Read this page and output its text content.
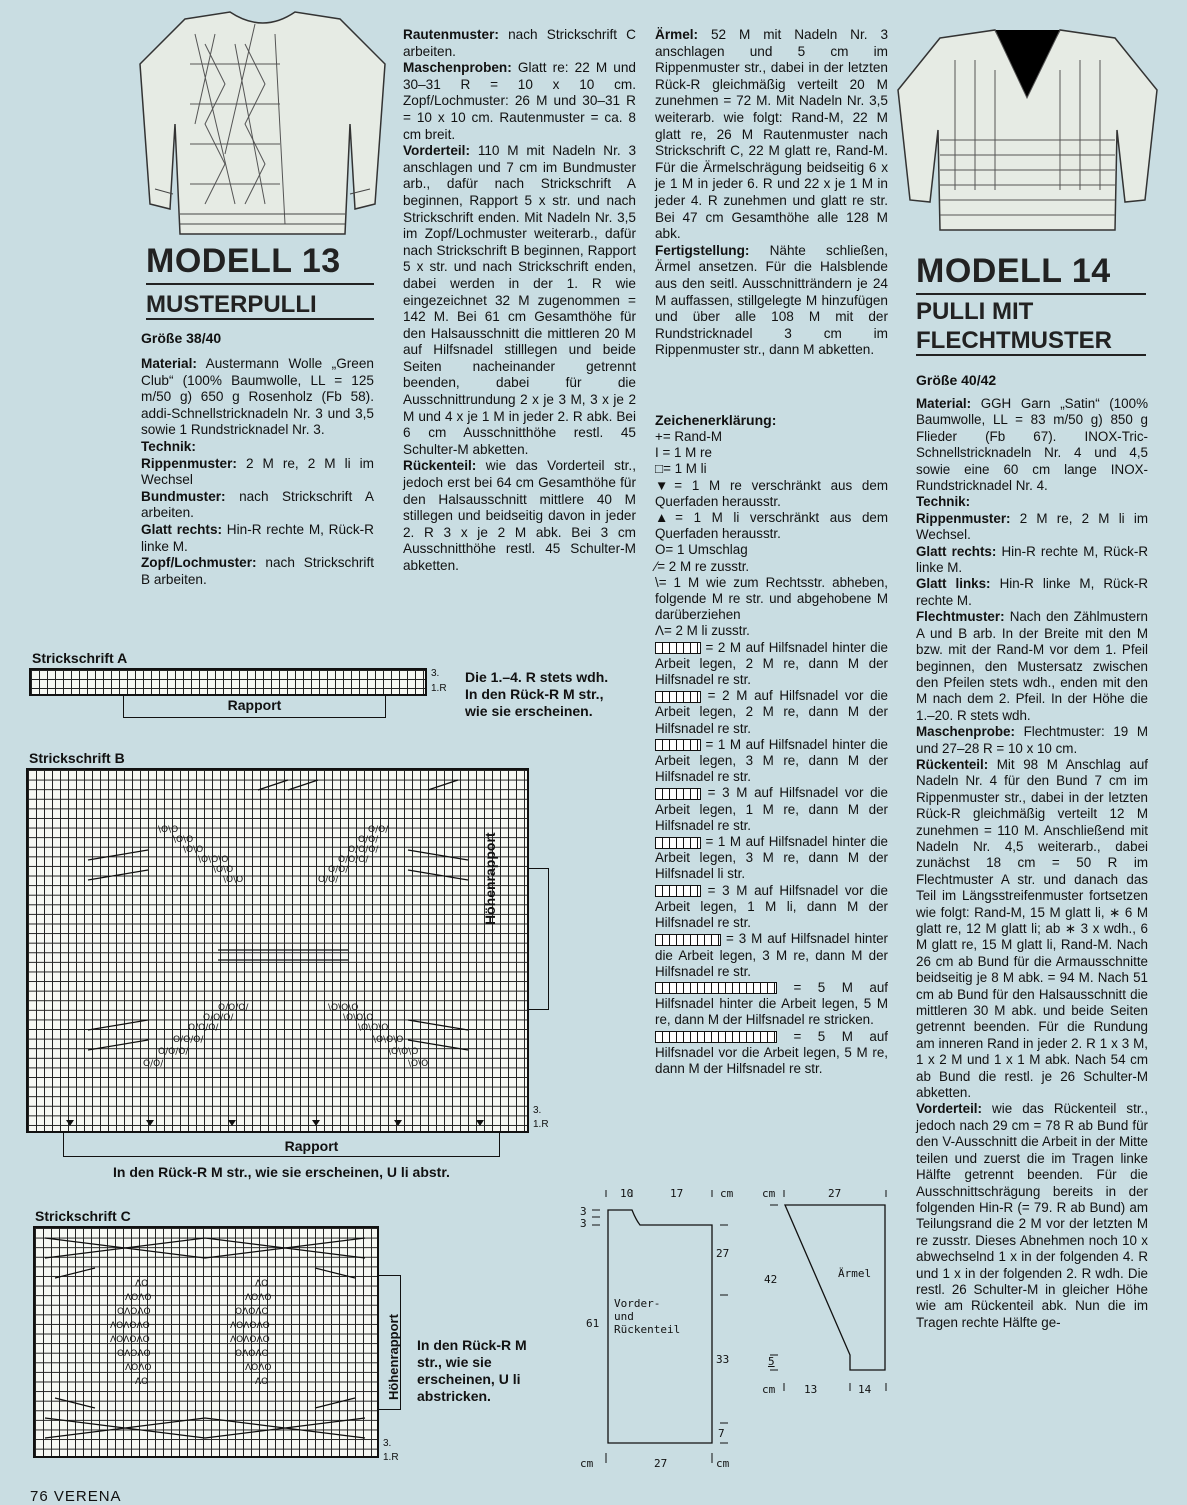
MODELL 13
MUSTERPULLI
Größe 38/40

Material: Austermann Wolle „Green Club“ (100% Baumwolle, LL = 125 m/50 g) 650 g Rosenholz (Fb 58). addi-Schnellstricknadeln Nr. 3 und 3,5 sowie 1 Rundstricknadel Nr. 3.

Technik:

Rippenmuster: 2 M re, 2 M li im Wechsel

Bundmuster: nach Strickschrift A arbeiten.

Glatt rechts: Hin-R rechte M, Rück-R linke M.

Zopf/Lochmuster: nach Strickschrift B arbeiten.

Rautenmuster: nach Strickschrift C arbeiten.

Maschenproben: Glatt re: 22 M und 30–31 R = 10 x 10 cm. Zopf/Lochmuster: 26 M und 30–31 R = 10 x 10 cm. Rautenmuster = ca. 8 cm breit.

Vorderteil: 110 M mit Nadeln Nr. 3 anschlagen und 7 cm im Bundmuster arb., dafür nach Strickschrift A beginnen, Rapport 5 x str. und nach Strickschrift enden. Mit Nadeln Nr. 3,5 im Zopf/Lochmuster weiterarb., dafür nach Strickschrift B beginnen, Rapport 5 x str. und nach Strickschrift enden, dabei werden in der 1. R wie eingezeichnet 32 M zugenommen = 142 M. Bei 61 cm Gesamthöhe für den Halsausschnitt die mittleren 20 M auf Hilfsnadel stilllegen und beide Seiten nacheinander getrennt beenden, dabei für die Ausschnittrundung 2 x je 3 M, 3 x je 2 M und 4 x je 1 M in jeder 2. R abk. Bei 6 cm Ausschnitthöhe restl. 45 Schulter-M abketten.

Rückenteil: wie das Vorderteil str., jedoch erst bei 64 cm Gesamthöhe für den Halsausschnitt mittlere 40 M stillegen und beidseitig davon in jeder 2. R 3 x je 2 M abk. Bei 3 cm Ausschnitthöhe restl. 45 Schulter-M abketten.

Ärmel: 52 M mit Nadeln Nr. 3 anschlagen und 5 cm im Rippenmuster str., dabei in der letzten Rück-R gleichmäßig verteilt 20 M zunehmen = 72 M. Mit Nadeln Nr. 3,5 weiterarb. wie folgt: Rand-M, 22 M glatt re, 26 M Rautenmuster nach Strickschrift C, 22 M glatt re, Rand-M. Für die Ärmelschrägung beidseitig 6 x je 1 M in jeder 6. R und 22 x je 1 M in jeder 4. R zunehmen und glatt re str. Bei 47 cm Gesamthöhe alle 128 M abk.

Fertigstellung: Nähte schließen, Ärmel ansetzen. Für die Halsblende aus den seitl. Ausschnitträndern je 24 M auffassen, stillgelegte M hinzufügen und über alle 108 M mit der Rundstricknadel 3 cm im Rippenmuster str., dann M abketten.

Zeichenerklärung:

+= Rand-M

I = 1 M re

□= 1 M li

▼= 1 M re verschränkt aus dem Querfaden herausstr.

▲= 1 M li verschränkt aus dem Querfaden herausstr.

O= 1 Umschlag

⁄= 2 M re zusstr.

\= 1 M wie zum Rechtsstr. abheben, folgende M re str. und abgehobene M darüberziehen

Λ= 2 M li zusstr.

= 2 M auf Hilfsnadel hinter die Arbeit legen, 2 M re, dann M der Hilfsnadel re str.

= 2 M auf Hilfsnadel vor die Arbeit legen, 2 M re, dann M der Hilfsnadel re str.

= 1 M auf Hilfsnadel hinter die Arbeit legen, 3 M re, dann M der Hilfsnadel re str.

= 3 M auf Hilfsnadel vor die Arbeit legen, 1 M re, dann M der Hilfsnadel re str.

= 1 M auf Hilfsnadel hinter die Arbeit legen, 3 M re, dann M der Hilfsnadel li str.

= 3 M auf Hilfsnadel vor die Arbeit legen, 1 M li, dann M der Hilfsnadel re str.

= 3 M auf Hilfsnadel hinter die Arbeit legen, 3 M re, dann M der Hilfsnadel re str.

= 5 M auf Hilfsnadel hinter die Arbeit legen, 5 M re, dann M der Hilfsnadel re stricken.

= 5 M auf Hilfsnadel vor die Arbeit legen, 5 M re, dann M der Hilfsnadel re str.

MODELL 14
PULLI MIT
FLECHTMUSTER
Größe 40/42

Material: GGH Garn „Satin“ (100% Baumwolle, LL = 83 m/50 g) 850 g Flieder (Fb 67). INOX-Tric-Schnellstricknadeln Nr. 4 und 4,5 sowie eine 60 cm lange INOX-Rundstricknadel Nr. 4.

Technik:

Rippenmuster: 2 M re, 2 M li im Wechsel.

Glatt rechts: Hin-R rechte M, Rück-R linke M.

Glatt links: Hin-R linke M, Rück-R rechte M.

Flechtmuster: Nach den Zählmustern A und B arb. In der Breite mit den M bzw. mit der Rand-M vor dem 1. Pfeil beginnen, den Mustersatz zwischen den Pfeilen stets wdh., enden mit den M nach dem 2. Pfeil. In der Höhe die 1.–20. R stets wdh.

Maschenprobe: Flechtmuster: 19 M und 27–28 R = 10 x 10 cm.

Rückenteil: Mit 98 M Anschlag auf Nadeln Nr. 4 für den Bund 7 cm im Rippenmuster str., dabei in der letzten Rück-R gleichmäßig verteilt 12 M zunehmen = 110 M. Anschließend mit Nadeln Nr. 4,5 weiterarb., dabei zunächst 18 cm = 50 R im Flechtmuster A str. und danach das Teil im Längsstreifenmuster fortsetzen wie folgt: Rand-M, 15 M glatt li, ∗ 6 M glatt re, 12 M glatt li; ab ∗ 3 x wdh., 6 M glatt re, 15 M glatt li, Rand-M. Nach 26 cm ab Bund für die Armausschnitte beidseitig je 8 M abk. = 94 M. Nach 51 cm ab Bund für den Halsausschnitt die mittleren 30 M abk. und beide Seiten getrennt beenden. Für die Rundung am inneren Rand in jeder 2. R 1 x 3 M, 1 x 2 M und 1 x 1 M abk. Nach 54 cm ab Bund die restl. je 26 Schulter-M abketten.

Vorderteil: wie das Rückenteil str., jedoch nach 29 cm = 78 R ab Bund für den V-Ausschnitt die Arbeit in der Mitte teilen und zuerst die im Tragen linke Hälfte getrennt beenden. Für die Ausschnittschrägung bereits in der folgenden Hin-R (= 79. R ab Bund) am Teilungsrand die 2 M vor der letzten M re zusstr. Dieses Abnehmen noch 10 x abwechselnd 1 x in der folgenden 4. R und 1 x in der folgenden 2. R wdh. Die restl. 26 Schulter-M in gleicher Höhe wie am Rückenteil abk. Nun die im Tragen rechte Hälfte ge-

Strickschrift A
3.
1.R
Rapport
Die 1.–4. R stets wdh. In den Rück-R M str., wie sie erscheinen.
Strickschrift B
\O\O
\O\O
\O\O
\O\O\O
\O\O
\O\O
O/O/
O/O/
O/O/O/
O/O/O/
O/O/
O/O/
O/O/O/
O/O/O/
O/O/O/
O/O/O/
O/O/O/
O/O/
\O\O\O
\O\O\O
\O\O\O
\O\O\O
\O\O\O
\O\O
Höhenrapport
3.
1.R
Rapport
In den Rück-R M str., wie sie erscheinen, U li abstr.
Strickschrift C
ΛO	ΛO
ΛOΛO	ΛOΛO
OΛOΛO	OΛOΛO
ΛOΛOΛO	ΛOΛOΛO
ΛOΛOΛO	ΛOΛOΛO
OΛOΛO	OΛOΛO
ΛOΛO	ΛOΛO
ΛO	ΛO	Höhenrapport
3.
1.R
In den Rück-R M str., wie sie erscheinen, U li abstricken.
10	17	cm
3
3
27
61
33
7
cm	27	cm
Vorder- und Rückenteil
cm	27
42	Ärmel
5
cm	13	14
76 VERENA
